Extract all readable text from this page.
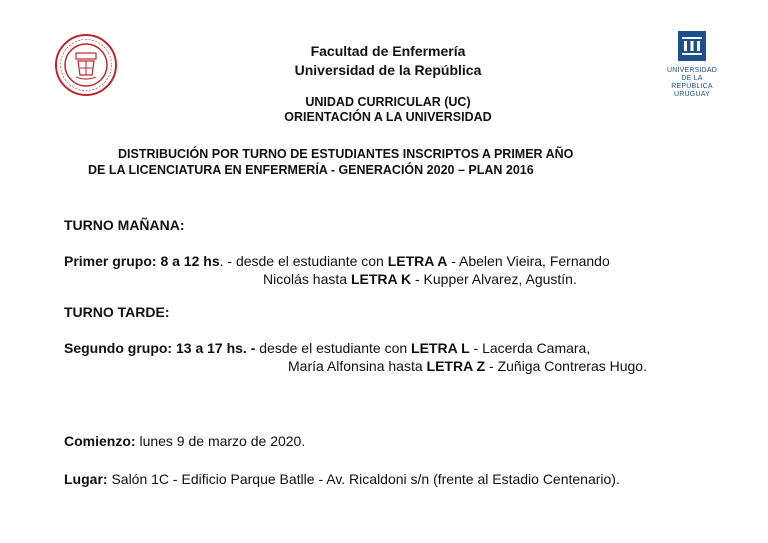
UNIVERSIDAD
DE LA REPÚBLICA
URUGUAY
Facultad de Enfermería
Universidad de la República
UNIDAD CURRICULAR (UC)
ORIENTACIÓN A LA UNIVERSIDAD
DISTRIBUCIÓN POR TURNO DE ESTUDIANTES INSCRIPTOS A PRIMER AÑO
DE LA LICENCIATURA EN ENFERMERÍA - GENERACIÓN 2020 – PLAN 2016
TURNO MAÑANA:
Primer grupo: 8 a 12 hs. - desde el estudiante con LETRA A - Abelen Vieira, Fernando
Nicolás hasta LETRA K - Kupper Alvarez, Agustín.
TURNO TARDE:
Segundo grupo: 13 a 17 hs. - desde el estudiante con LETRA L - Lacerda Camara,
María Alfonsina hasta LETRA Z - Zuñiga Contreras Hugo.
Comienzo: lunes 9 de marzo de 2020.
Lugar: Salón 1C - Edificio Parque Batlle - Av. Ricaldoni s/n (frente al Estadio Centenario).
